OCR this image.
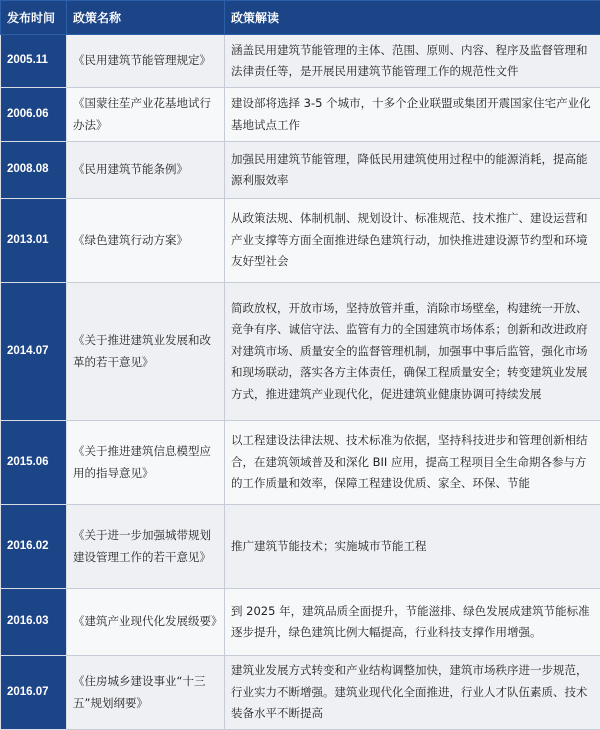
发布时间	政策名称	政策解读
2005.11	《民用建筑节能管理规定》	涵盖民用建筑节能管理的主体、范围、原则、内容、程序及监督管理和法律责任等，是开展民用建筑节能管理工作的规范性文件
2006.06	《国蒙往苼产业花基地试行办法》	建设部将选择 3-5 个城市，十多个企业联盟或集团开震国家住宅产业化基地试点工作
2008.08	《民用建筑节能条例》	加强民用建筑节能管理，降低民用建筑使用过程中的能源消耗，提高能源利服效率
2013.01	《绿色建筑行动方案》	从政策法规、体制机制、规划设计、标准规范、技术推广、建设运营和产业支撑等方面全面推进绿色建筑行动，加快推进建设源节约型和环境友好型社会
2014.07	《关于推进建筑业发展和改革的若干意见》	简政放权，开放市场，坚持放管并重，消除市场壁垒，构建统一开放、竞争有序、诚信守法、监管有力的全国建筑市场体系；创新和改进政府对建筑市场、质量安全的监督管理机制，加强事中事后监管，强化市场和现场联动，落实各方主体责任，确保工程质量安全；转变建筑业发展方式，推进建筑产业现代化，促进建筑业健康协调可持续发展
2015.06	《关于推进建筑信息模型应用的指导意见》	以工程建设法律法规、技术标准为依据，坚持科技进步和管理创新相结合，在建筑领域普及和深化 BII 应用，提高工程项目全生命期各参与方的工作质量和效率，保障工程建设优质、家全、环保、节能
2016.02	《关于进一步加强城带规划建设管理工作的若干意见》	推广建筑节能技术；实施城市节能工程
2016.03	《建筑产业现代化发展级要》	到 2025 年，建筑品质全面提升，节能滋排、绿色发展成建筑节能标准逐步提升，绿色建筑比例大幅提高，行业科技支撑作用增强。
2016.07	《住房城乡建设事业“十三五”规划纲要》	建筑业发展方式转变和产业结构调整加快，建筑市场秩序进一步规范，行业实力不断增强。建筑业现代化全面推进，行业人才队伍素质、技术装备水平不断提高
